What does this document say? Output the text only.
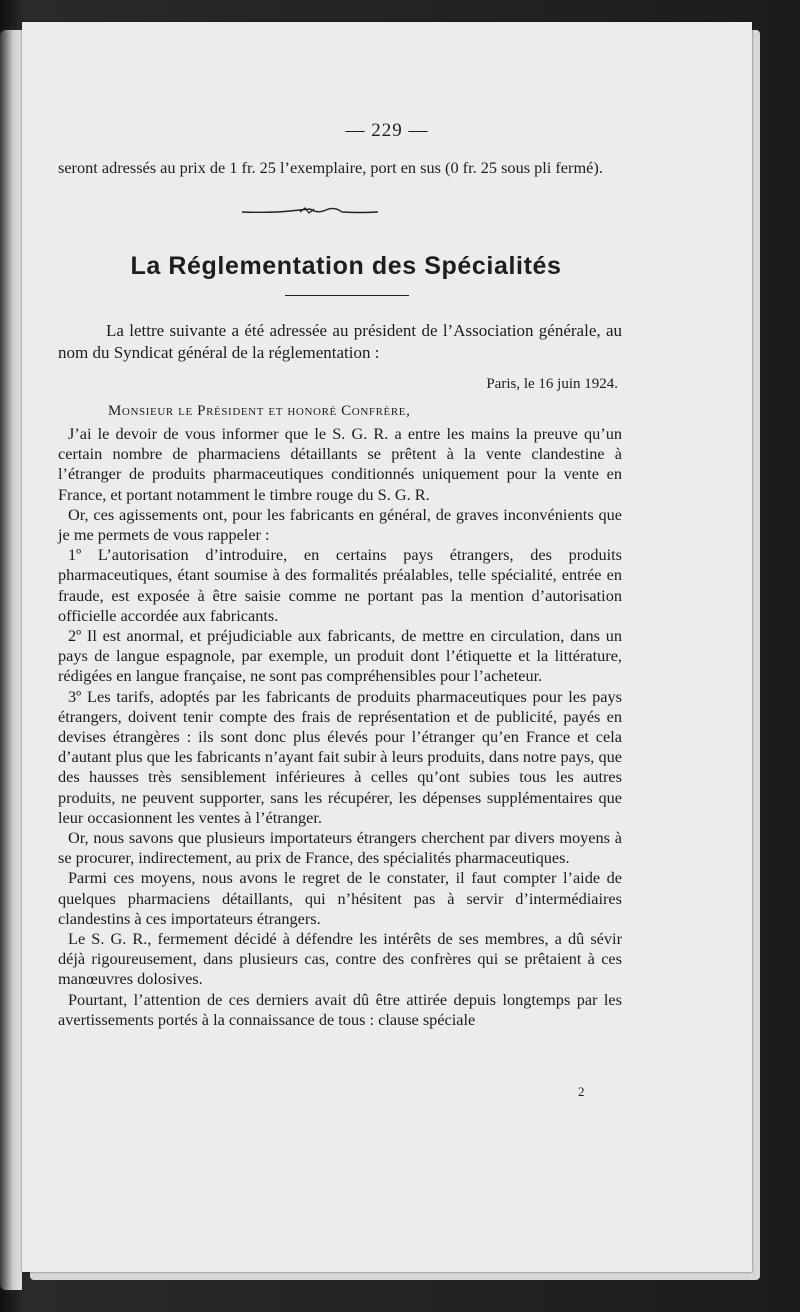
— 229 —
seront adressés au prix de 1 fr. 25 l’exemplaire, port en sus (0 fr. 25 sous pli fermé).
La Réglementation des Spécialités
La lettre suivante a été adressée au président de l’Association générale, au nom du Syndicat général de la réglementation :
Paris, le 16 juin 1924.
Monsieur le Président et honoré Confrère,

J’ai le devoir de vous informer que le S. G. R. a entre les mains la preuve qu’un certain nombre de pharmaciens détaillants se prêtent à la vente clandestine à l’étranger de produits pharmaceutiques conditionnés uniquement pour la vente en France, et portant notamment le timbre rouge du S. G. R.

Or, ces agissements ont, pour les fabricants en général, de graves inconvénients que je me permets de vous rappeler :

1º L’autorisation d’introduire, en certains pays étrangers, des produits pharmaceutiques, étant soumise à des formalités préalables, telle spécialité, entrée en fraude, est exposée à être saisie comme ne portant pas la mention d’autorisation officielle accordée aux fabricants.

2º Il est anormal, et préjudiciable aux fabricants, de mettre en circulation, dans un pays de langue espagnole, par exemple, un produit dont l’étiquette et la littérature, rédigées en langue française, ne sont pas compréhensibles pour l’acheteur.

3º Les tarifs, adoptés par les fabricants de produits pharmaceutiques pour les pays étrangers, doivent tenir compte des frais de représentation et de publicité, payés en devises étrangères : ils sont donc plus élevés pour l’étranger qu’en France et cela d’autant plus que les fabricants n’ayant fait subir à leurs produits, dans notre pays, que des hausses très sensiblement inférieures à celles qu’ont subies tous les autres produits, ne peuvent supporter, sans les récupérer, les dépenses supplémentaires que leur occasionnent les ventes à l’étranger.

Or, nous savons que plusieurs importateurs étrangers cherchent par divers moyens à se procurer, indirectement, au prix de France, des spécialités pharmaceutiques.

Parmi ces moyens, nous avons le regret de le constater, il faut compter l’aide de quelques pharmaciens détaillants, qui n’hésitent pas à servir d’intermédiaires clandestins à ces importateurs étrangers.

Le S. G. R., fermement décidé à défendre les intérêts de ses membres, a dû sévir déjà rigoureusement, dans plusieurs cas, contre des confrères qui se prêtaient à ces manœuvres dolosives.

Pourtant, l’attention de ces derniers avait dû être attirée depuis longtemps par les avertissements portés à la connaissance de tous : clause spéciale

2
